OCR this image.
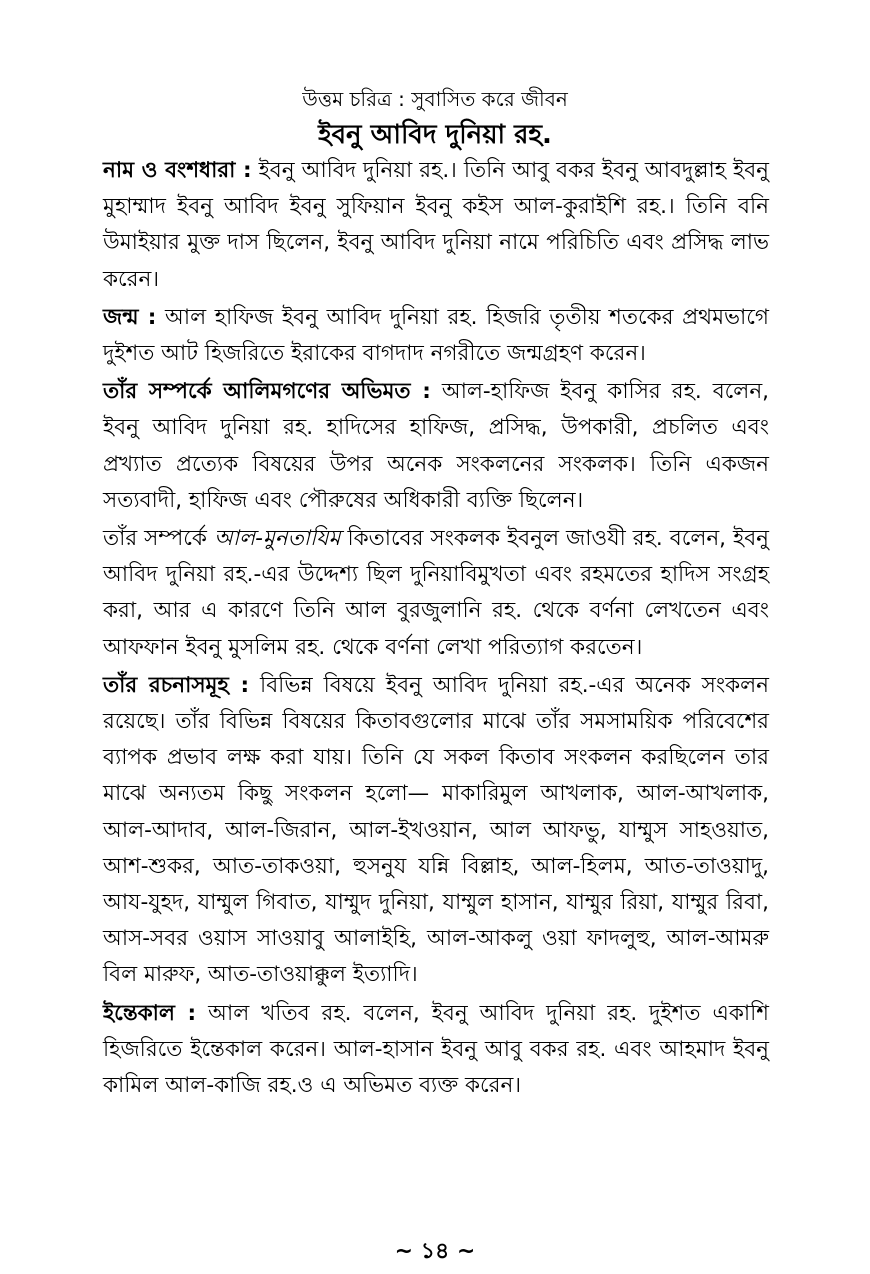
উত্তম চরিত্র : সুবাসিত করে জীবন
ইবনু আবিদ দুনিয়া রহ.

নাম ও বংশধারা : ইবনু আবিদ দুনিয়া রহ.। তিনি আবু বকর ইবনু আবদুল্লাহ ইবনু মুহাম্মাদ ইবনু আবিদ ইবনু সুফিয়ান ইবনু কইস আল-কুরাইশি রহ.। তিনি বনি উমাইয়ার মুক্ত দাস ছিলেন, ইবনু আবিদ দুনিয়া নামে পরিচিতি এবং প্রসিদ্ধ লাভ করেন।

জন্ম : আল হাফিজ ইবনু আবিদ দুনিয়া রহ. হিজরি তৃতীয় শতকের প্রথমভাগে দুইশত আট হিজরিতে ইরাকের বাগদাদ নগরীতে জন্মগ্রহণ করেন।

তাঁর সম্পর্কে আলিমগণের অভিমত : আল-হাফিজ ইবনু কাসির রহ. বলেন, ইবনু আবিদ দুনিয়া রহ. হাদিসের হাফিজ, প্রসিদ্ধ, উপকারী, প্রচলিত এবং প্রখ্যাত প্রত্যেক বিষয়ের উপর অনেক সংকলনের সংকলক। তিনি একজন সত্যবাদী, হাফিজ এবং পৌরুষের অধিকারী ব্যক্তি ছিলেন।

তাঁর সম্পর্কে আল-মুনতাযিম কিতাবের সংকলক ইবনুল জাওযী রহ. বলেন, ইবনু আবিদ দুনিয়া রহ.-এর উদ্দেশ্য ছিল দুনিয়াবিমুখতা এবং রহমতের হাদিস সংগ্রহ করা, আর এ কারণে তিনি আল বুরজুলানি রহ. থেকে বর্ণনা লেখতেন এবং আফফান ইবনু মুসলিম রহ. থেকে বর্ণনা লেখা পরিত্যাগ করতেন।

তাঁর রচনাসমূহ : বিভিন্ন বিষয়ে ইবনু আবিদ দুনিয়া রহ.-এর অনেক সংকলন রয়েছে। তাঁর বিভিন্ন বিষয়ের কিতাবগুলোর মাঝে তাঁর সমসাময়িক পরিবেশের ব্যাপক প্রভাব লক্ষ করা যায়। তিনি যে সকল কিতাব সংকলন করছিলেন তার মাঝে অন্যতম কিছু সংকলন হলো— মাকারিমুল আখলাক, আল-আখলাক, আল-আদাব, আল-জিরান, আল-ইখওয়ান, আল আফভু, যাম্মুস সাহওয়াত, আশ-শুকর, আত-তাকওয়া, হুসনুয যন্নি বিল্লাহ, আল-হিলম, আত-তাওয়াদু, আয-যুহদ, যাম্মুল গিবাত, যাম্মুদ দুনিয়া, যাম্মুল হাসান, যাম্মুর রিয়া, যাম্মুর রিবা, আস-সবর ওয়াস সাওয়াবু আলাইহি, আল-আকলু ওয়া ফাদলুহু, আল-আমরু বিল মারুফ, আত-তাওয়াক্কুল ইত্যাদি।

ইন্তেকাল : আল খতিব রহ. বলেন, ইবনু আবিদ দুনিয়া রহ. দুইশত একাশি হিজরিতে ইন্তেকাল করেন। আল-হাসান ইবনু আবু বকর রহ. এবং আহমাদ ইবনু কামিল আল-কাজি রহ.ও এ অভিমত ব্যক্ত করেন।

~ ১৪ ~
